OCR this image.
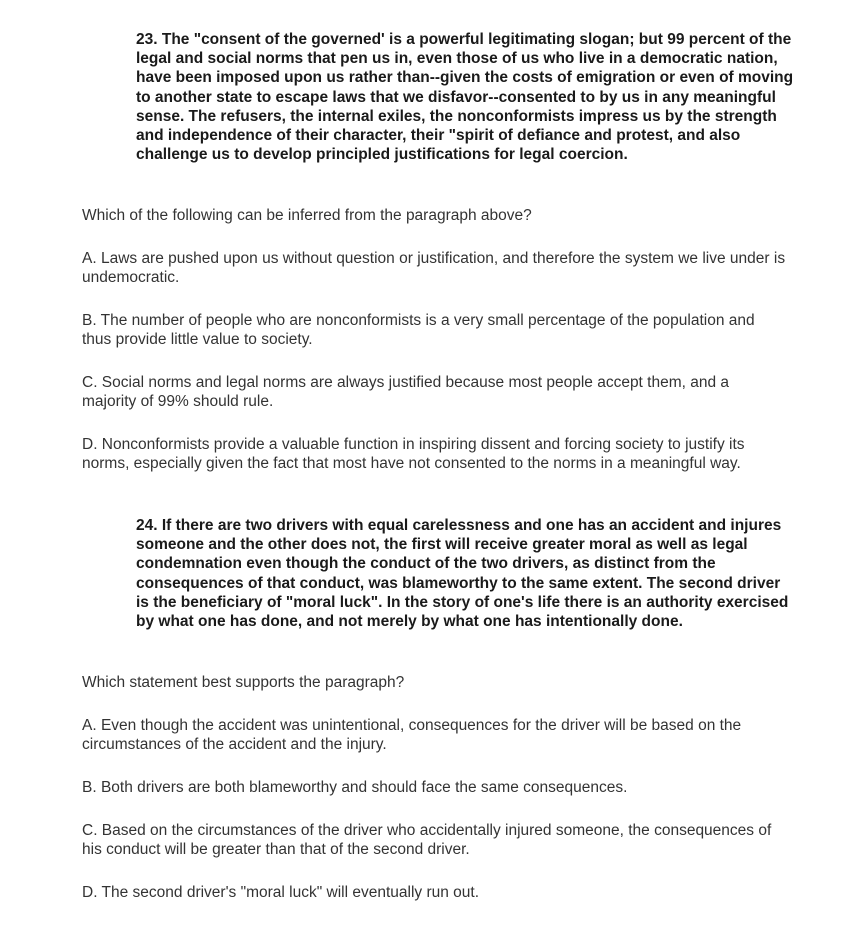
23. The "consent of the governed' is a powerful legitimating slogan; but 99 percent of the legal and social norms that pen us in, even those of us who live in a democratic nation, have been imposed upon us rather than--given the costs of emigration or even of moving to another state to escape laws that we disfavor--consented to by us in any meaningful sense. The refusers, the internal exiles, the nonconformists impress us by the strength and independence of their character, their "spirit of defiance and protest, and also challenge us to develop principled justifications for legal coercion.

Which of the following can be inferred from the paragraph above?

A. Laws are pushed upon us without question or justification, and therefore the system we live under is undemocratic.

B. The number of people who are nonconformists is a very small percentage of the population and thus provide little value to society.

C. Social norms and legal norms are always justified because most people accept them, and a majority of 99% should rule.

D. Nonconformists provide a valuable function in inspiring dissent and forcing society to justify its norms, especially given the fact that most have not consented to the norms in a meaningful way.

24. If there are two drivers with equal carelessness and one has an accident and injures someone and the other does not, the first will receive greater moral as well as legal condemnation even though the conduct of the two drivers, as distinct from the consequences of that conduct, was blameworthy to the same extent. The second driver is the beneficiary of "moral luck". In the story of one's life there is an authority exercised by what one has done, and not merely by what one has intentionally done.

Which statement best supports the paragraph?

A. Even though the accident was unintentional, consequences for the driver will be based on the circumstances of the accident and the injury.

B. Both drivers are both blameworthy and should face the same consequences.

C. Based on the circumstances of the driver who accidentally injured someone, the consequences of his conduct will be greater than that of the second driver.

D. The second driver's "moral luck" will eventually run out.
